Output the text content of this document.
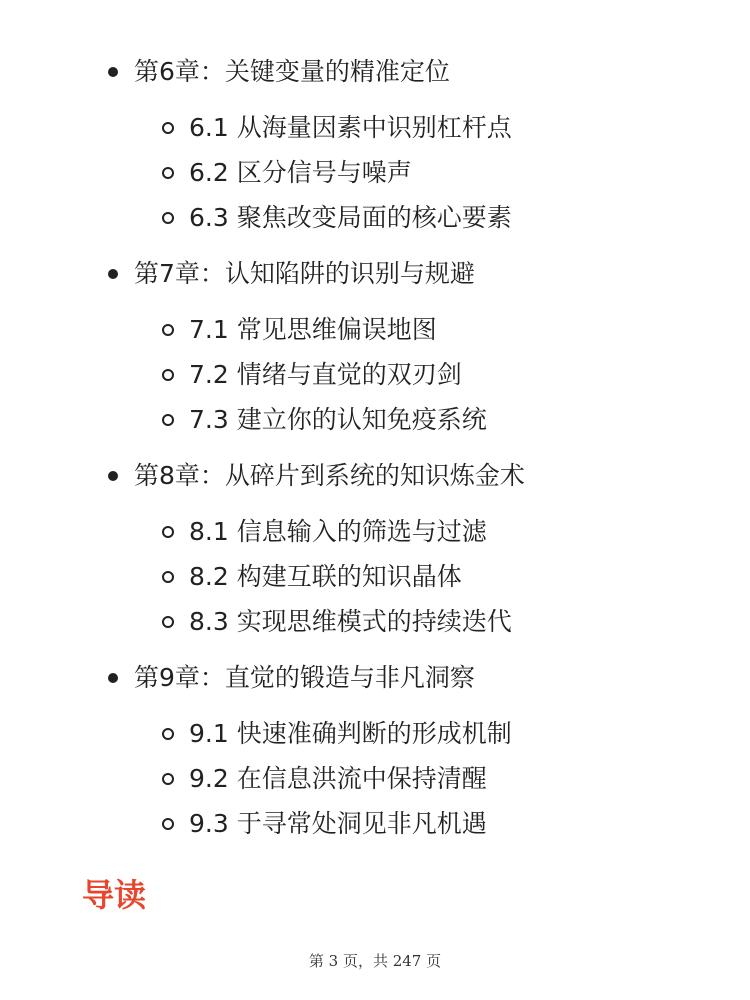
第6章：关键变量的精准定位
6.1 从海量因素中识别杠杆点
6.2 区分信号与噪声
6.3 聚焦改变局面的核心要素
第7章：认知陷阱的识别与规避
7.1 常见思维偏误地图
7.2 情绪与直觉的双刃剑
7.3 建立你的认知免疫系统
第8章：从碎片到系统的知识炼金术
8.1 信息输入的筛选与过滤
8.2 构建互联的知识晶体
8.3 实现思维模式的持续迭代
第9章：直觉的锻造与非凡洞察
9.1 快速准确判断的形成机制
9.2 在信息洪流中保持清醒
9.3 于寻常处洞见非凡机遇
导读
第 3 页，共 247 页
